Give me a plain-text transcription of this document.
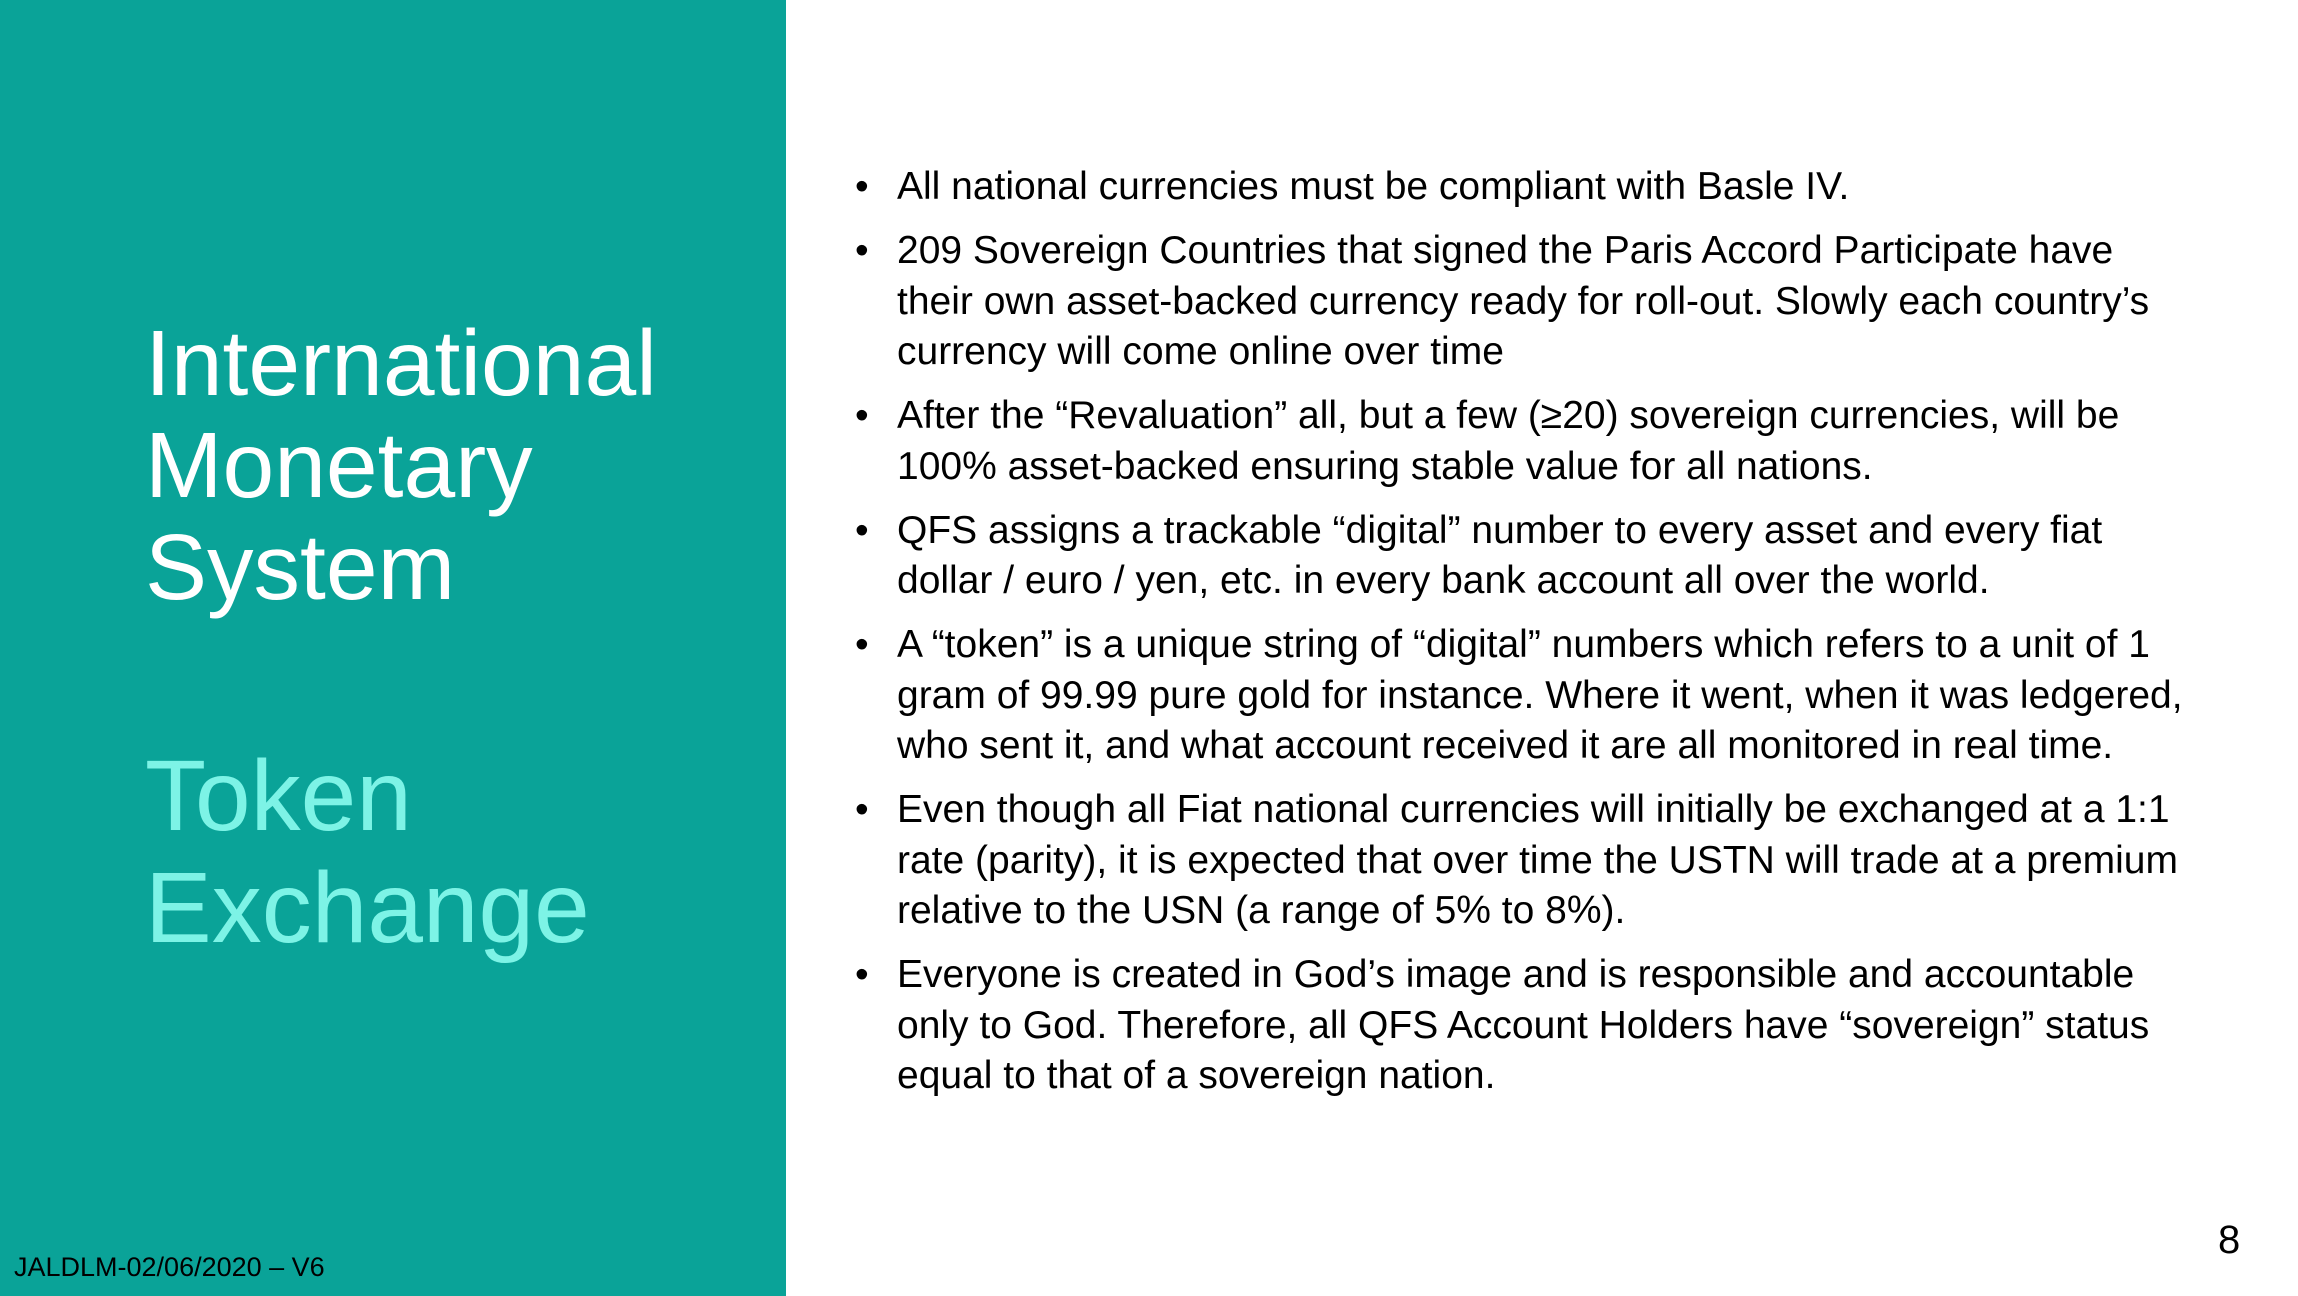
International
Monetary
System
Token
Exchange
JALDLM-02/06/2020 – V6
• All national currencies must be compliant with Basle IV.
• 209 Sovereign Countries that signed the Paris Accord Participate have their own asset-backed currency ready for roll-out. Slowly each country’s currency will come online over time
• After the “Revaluation” all, but a few (≥20) sovereign currencies, will be 100% asset-backed ensuring stable value for all nations.
• QFS assigns a trackable “digital” number to every asset and every fiat dollar / euro / yen, etc. in every bank account all over the world.
• A “token” is a unique string of “digital” numbers which refers to a unit of 1 gram of 99.99 pure gold for instance. Where it went, when it was ledgered, who sent it, and what account received it are all monitored in real time.
• Even though all Fiat national currencies will initially be exchanged at a 1:1 rate (parity), it is expected that over time the USTN will trade at a premium relative to the USN (a range of 5% to 8%).
• Everyone is created in God’s image and is responsible and accountable only to God. Therefore, all QFS Account Holders have “sovereign” status equal to that of a sovereign nation.
8
